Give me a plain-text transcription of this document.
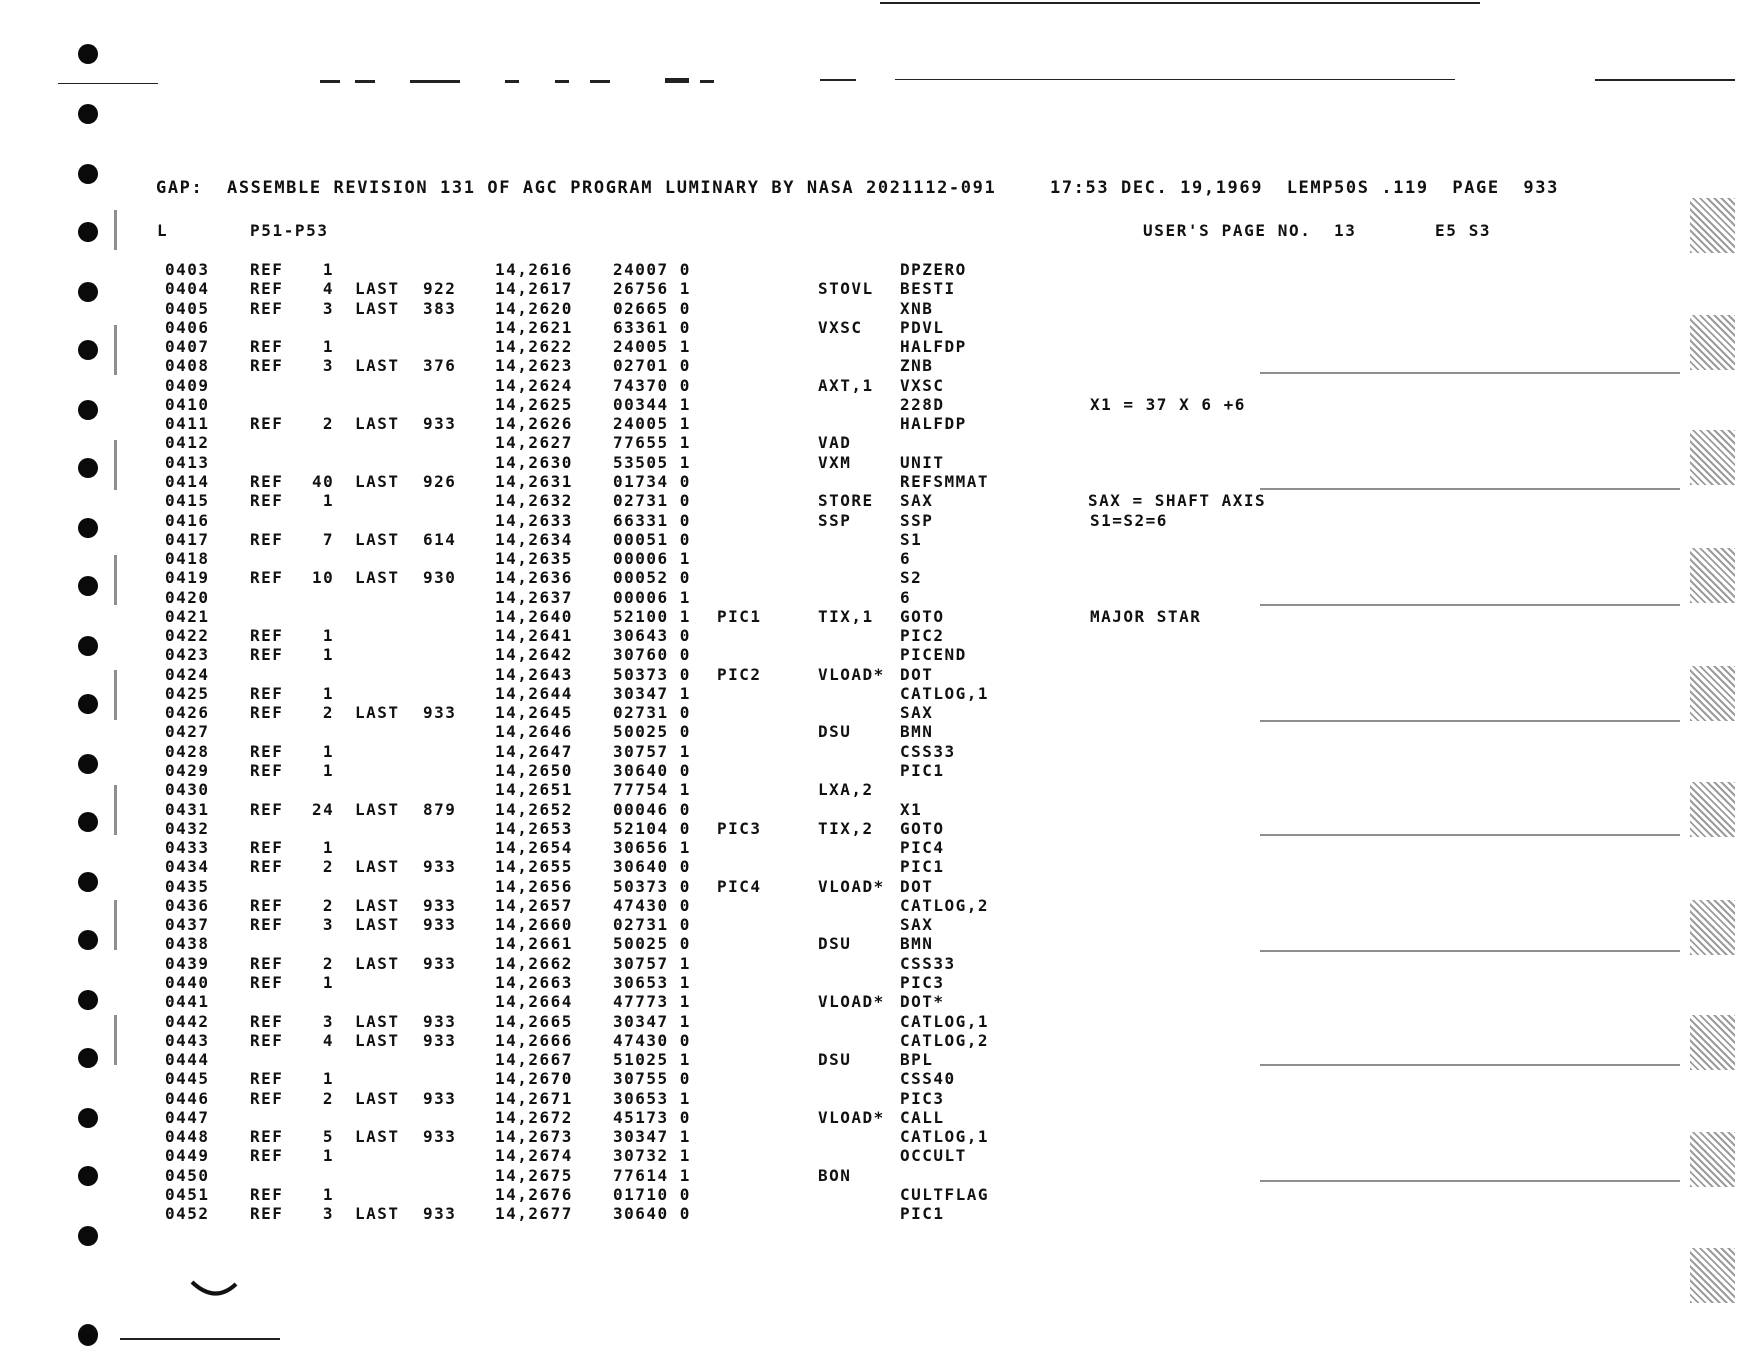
GAP:  ASSEMBLE REVISION 131 OF AGC PROGRAM LUMINARY BY NASA 2021112-091	17:53 DEC. 19,1969  LEMP50S .119  PAGE  933
L	P51-P53	USER'S PAGE NO.  13	E5 S3
0403	REF	1	14,2616	24007 0	DPZERO
0404	REF	4 LAST 922 14,2617	26756 1	STOVL BESTI
0405	REF	3 LAST 383 14,2620	02665 0	XNB
0406	14,2621	63361 0	VXSC PDVL
0407	REF	1	14,2622	24005 1	HALFDP
0408	REF	3 LAST 376 14,2623	02701 0	ZNB
0409	14,2624	74370 0	AXT,1 VXSC
0410	14,2625	00344 1	228D	X1 = 37 X 6 +6
0411	REF	2 LAST 933 14,2626	24005 1	HALFDP
0412	14,2627	77655 1	VAD
0413	14,2630	53505 1	VXM	UNIT
0414	REF 40 LAST 926 14,2631	01734 0	REFSMMAT
0415	REF	1	14,2632	02731 0	STORE SAX	SAX = SHAFT AXIS
0416	14,2633	66331 0	SSP	SSP	S1=S2=6
0417	REF	7 LAST 614 14,2634	00051 0	S1
0418	14,2635	00006 1	6
0419	REF 10 LAST 930 14,2636	00052 0	S2
0420	14,2637	00006 1	6
0421	14,2640	52100 1 PIC1	TIX,1 GOTO	MAJOR STAR
0422	REF	1	14,2641	30643 0	PIC2
0423	REF	1	14,2642	30760 0	PICEND
0424	14,2643	50373 0 PIC2	VLOAD* DOT
0425	REF	1	14,2644	30347 1	CATLOG,1
0426	REF	2 LAST 933 14,2645	02731 0	SAX
0427	14,2646	50025 0	DSU	BMN
0428	REF	1	14,2647	30757 1	CSS33
0429	REF	1	14,2650	30640 0	PIC1
0430	14,2651	77754 1	LXA,2
0431	REF 24 LAST 879 14,2652	00046 0	X1
0432	14,2653	52104 0 PIC3	TIX,2 GOTO
0433	REF	1	14,2654	30656 1	PIC4
0434	REF	2 LAST 933 14,2655	30640 0	PIC1
0435	14,2656	50373 0 PIC4	VLOAD* DOT
0436	REF	2 LAST 933 14,2657	47430 0	CATLOG,2
0437	REF	3 LAST 933 14,2660	02731 0	SAX
0438	14,2661	50025 0	DSU	BMN
0439	REF	2 LAST 933 14,2662	30757 1	CSS33
0440	REF	1	14,2663	30653 1	PIC3
0441	14,2664	47773 1	VLOAD* DOT*
0442	REF	3 LAST 933 14,2665	30347 1	CATLOG,1
0443	REF	4 LAST 933 14,2666	47430 0	CATLOG,2
0444	14,2667	51025 1	DSU	BPL
0445	REF	1	14,2670	30755 0	CSS40
0446	REF	2 LAST 933 14,2671	30653 1	PIC3
0447	14,2672	45173 0	VLOAD* CALL
0448	REF	5 LAST 933 14,2673	30347 1	CATLOG,1
0449	REF	1	14,2674	30732 1	OCCULT
0450	14,2675	77614 1	BON
0451	REF	1	14,2676	01710 0	CULTFLAG
0452	REF	3 LAST 933 14,2677	30640 0	PIC1
